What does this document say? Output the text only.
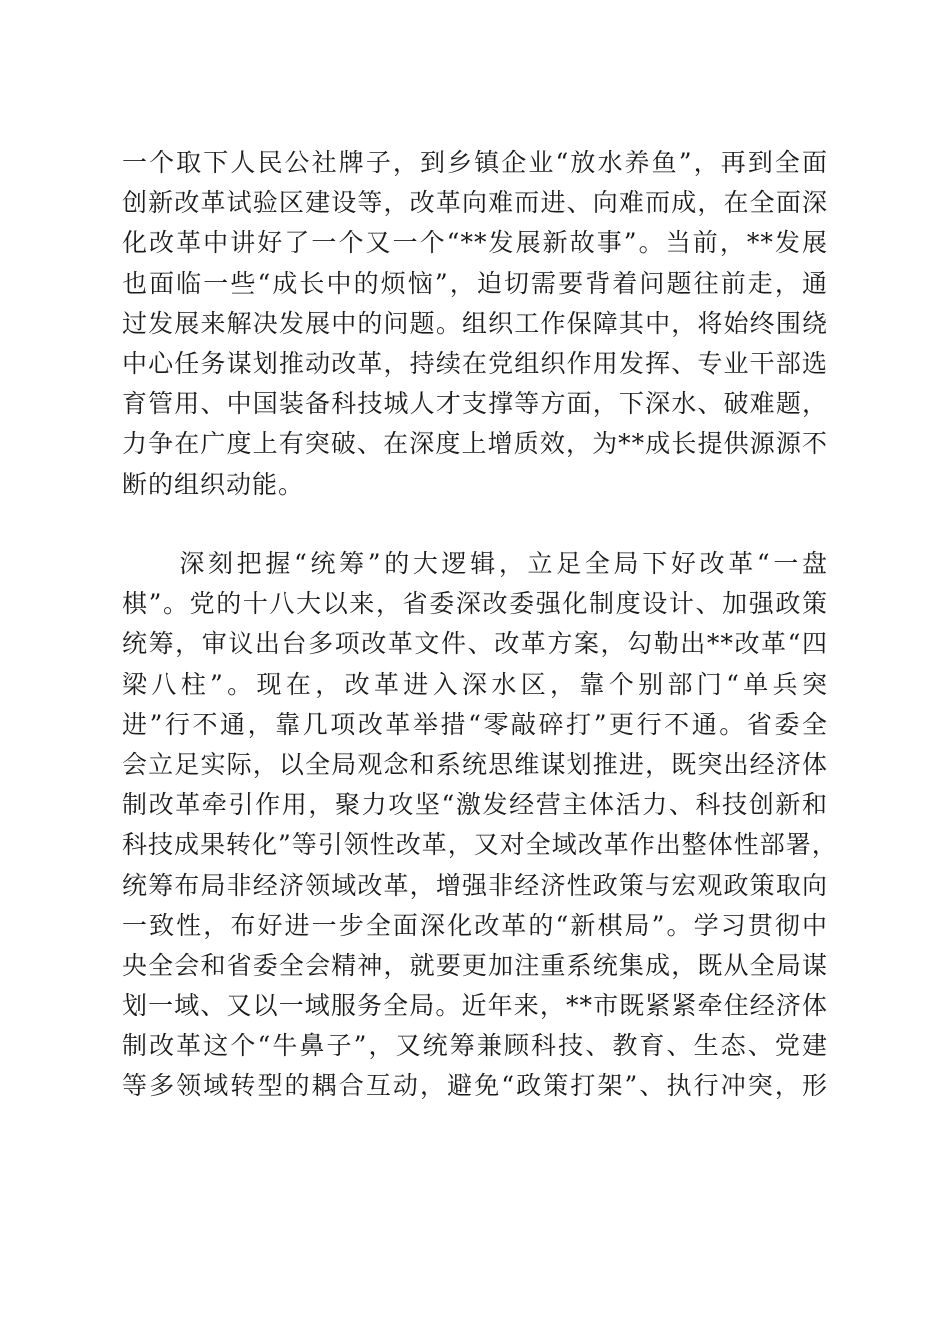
一个取下人民公社牌子，到乡镇企业“放水养鱼”，再到全面
创新改革试验区建设等，改革向难而进、向难而成，在全面深
化改革中讲好了一个又一个“**发展新故事”。当前，**发展
也面临一些“成长中的烦恼”，迫切需要背着问题往前走，通
过发展来解决发展中的问题。组织工作保障其中，将始终围绕
中心任务谋划推动改革，持续在党组织作用发挥、专业干部选
育管用、中国装备科技城人才支撑等方面，下深水、破难题，
力争在广度上有突破、在深度上增质效，为**成长提供源源不
断的组织动能。
　　深刻把握“统筹”的大逻辑，立足全局下好改革“一盘
棋”。党的十八大以来，省委深改委强化制度设计、加强政策
统筹，审议出台多项改革文件、改革方案，勾勒出**改革“四
梁八柱”。现在，改革进入深水区，靠个别部门“单兵突
进”行不通，靠几项改革举措“零敲碎打”更行不通。省委全
会立足实际，以全局观念和系统思维谋划推进，既突出经济体
制改革牵引作用，聚力攻坚“激发经营主体活力、科技创新和
科技成果转化”等引领性改革，又对全域改革作出整体性部署，
统筹布局非经济领域改革，增强非经济性政策与宏观政策取向
一致性，布好进一步全面深化改革的“新棋局”。学习贯彻中
央全会和省委全会精神，就要更加注重系统集成，既从全局谋
划一域、又以一域服务全局。近年来，**市既紧紧牵住经济体
制改革这个“牛鼻子”，又统筹兼顾科技、教育、生态、党建
等多领域转型的耦合互动，避免“政策打架”、执行冲突，形
